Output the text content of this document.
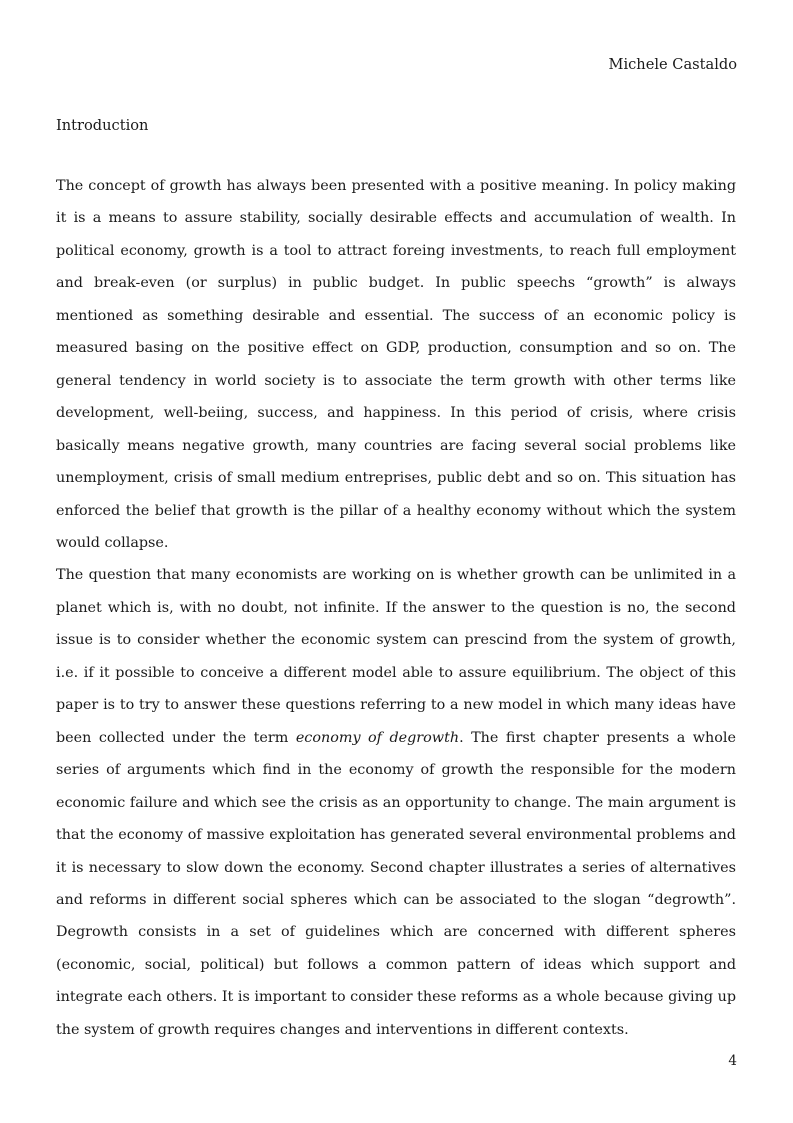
Michele Castaldo
Introduction

The concept of growth has always been presented with a positive meaning. In policy making it is a means to assure stability, socially desirable effects and accumulation of wealth. In political economy, growth is a tool to attract foreing investments, to reach full employment and break-even (or surplus) in public budget. In public speechs “growth” is always mentioned as something desirable and essential. The success of an economic policy is measured basing on the positive effect on GDP, production, consumption and so on. The general tendency in world society is to associate the term growth with other terms like development, well-beiing, success, and happiness. In this period of crisis, where crisis basically means negative growth, many countries are facing several social problems like unemployment, crisis of small medium entreprises, public debt and so on. This situation has enforced the belief that growth is the pillar of a healthy economy without which the system would collapse.

The question that many economists are working on is whether growth can be unlimited in a planet which is, with no doubt, not infinite. If the answer to the question is no, the second issue is to consider whether the economic system can prescind from the system of growth, i.e. if it possible to conceive a different model able to assure equilibrium. The object of this paper is to try to answer these questions referring to a new model in which many ideas have been collected under the term economy of degrowth. The first chapter presents a whole series of arguments which find in the economy of growth the responsible for the modern economic failure and which see the crisis as an opportunity to change. The main argument is that the economy of massive exploitation has generated several environmental problems and it is necessary to slow down the economy. Second chapter illustrates a series of alternatives and reforms in different social spheres which can be associated to the slogan “degrowth”. Degrowth consists in a set of guidelines which are concerned with different spheres (economic, social, political) but follows a common pattern of ideas which support and integrate each others. It is important to consider these reforms as a whole because giving up the system of growth requires changes and interventions in different contexts.

4
